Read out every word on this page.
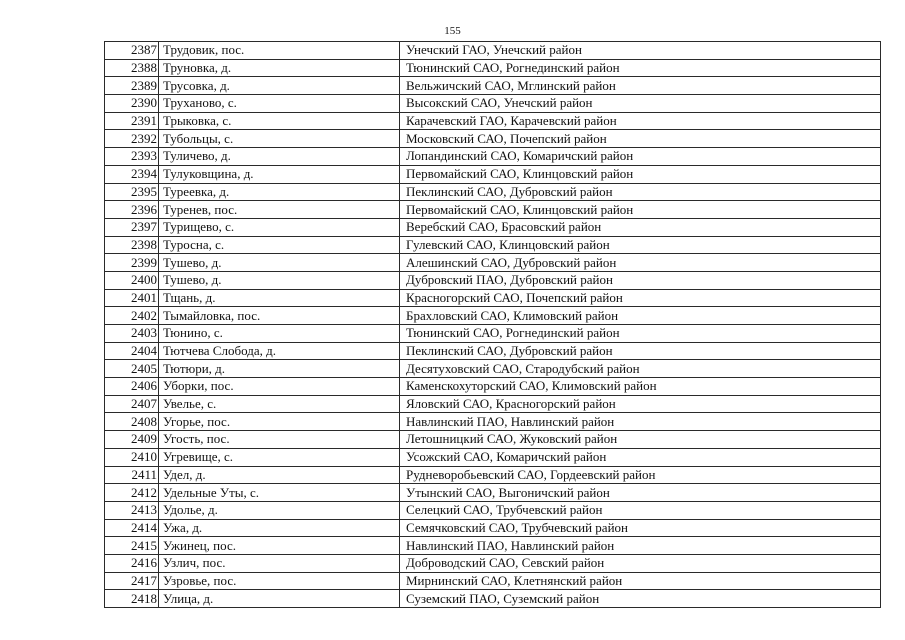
155
2387	Трудовик, пос.	Унечский ГАО, Унечский район
2388	Труновка, д.	Тюнинский САО, Рогнединский район
2389	Трусовка, д.	Вельжичский САО, Мглинский район
2390	Труханово, с.	Высокский САО, Унечский район
2391	Трыковка, с.	Карачевский ГАО, Карачевский район
2392	Тубольцы, с.	Московский САО, Почепский район
2393	Туличево, д.	Лопандинский САО, Комаричский район
2394	Тулуковщина, д.	Первомайский САО, Клинцовский район
2395	Туреевка, д.	Пеклинский САО, Дубровский район
2396	Туренев, пос.	Первомайский САО, Клинцовский район
2397	Турищево, с.	Веребский САО, Брасовский район
2398	Туросна, с.	Гулевский САО, Клинцовский район
2399	Тушево, д.	Алешинский САО, Дубровский район
2400	Тушево, д.	Дубровский ПАО, Дубровский район
2401	Тщань, д.	Красногорский САО, Почепский район
2402	Тымайловка, пос.	Брахловский САО, Климовский район
2403	Тюнино, с.	Тюнинский САО, Рогнединский район
2404	Тютчева Слобода, д.	Пеклинский САО, Дубровский район
2405	Тютюри, д.	Десятуховский САО, Стародубский район
2406	Уборки, пос.	Каменскохуторский САО, Климовский район
2407	Увелье, с.	Яловский САО, Красногорский район
2408	Угорье, пос.	Навлинский ПАО, Навлинский район
2409	Угость, пос.	Летошницкий САО, Жуковский район
2410	Угревище, с.	Усожский САО, Комаричский район
2411	Удел, д.	Рудневоробьевский САО, Гордеевский район
2412	Удельные Уты, с.	Утынский САО, Выгоничский район
2413	Удолье, д.	Селецкий САО, Трубчевский район
2414	Ужа, д.	Семячковский САО, Трубчевский район
2415	Ужинец, пос.	Навлинский ПАО, Навлинский район
2416	Узлич, пос.	Доброводский САО, Севский район
2417	Узровье, пос.	Мирнинский САО, Клетнянский район
2418	Улица, д.	Суземский ПАО, Суземский район
